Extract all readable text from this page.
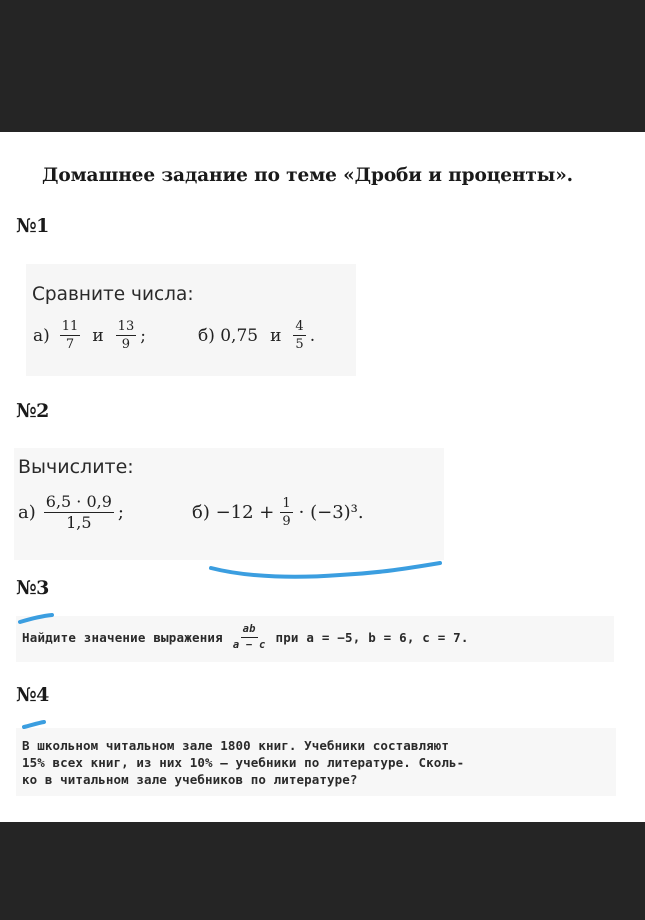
Домашнее задание по теме «Дроби и проценты».
№1
Сравните числа:
$а) \frac{11}{7}$ и $\frac{13}{9}$ ;	б) 0,75 и $\frac{4}{5}$ .
№2
Вычислите:
$а) \frac{6,5 \cdot 0,9}{1,5}$ ;	$б) -12 + \frac{1}{9} \cdot (-3)^3$.
№3
Найдите значение выражения $\frac{ab}{a - c}$ при a = −5, b = 6, c = 7.
№4
В школьном читальном зале 1800 книг. Учебники составляют
15% всех книг, из них 10% — учебники по литературе. Сколь-
ко в читальном зале учебников по литературе?
